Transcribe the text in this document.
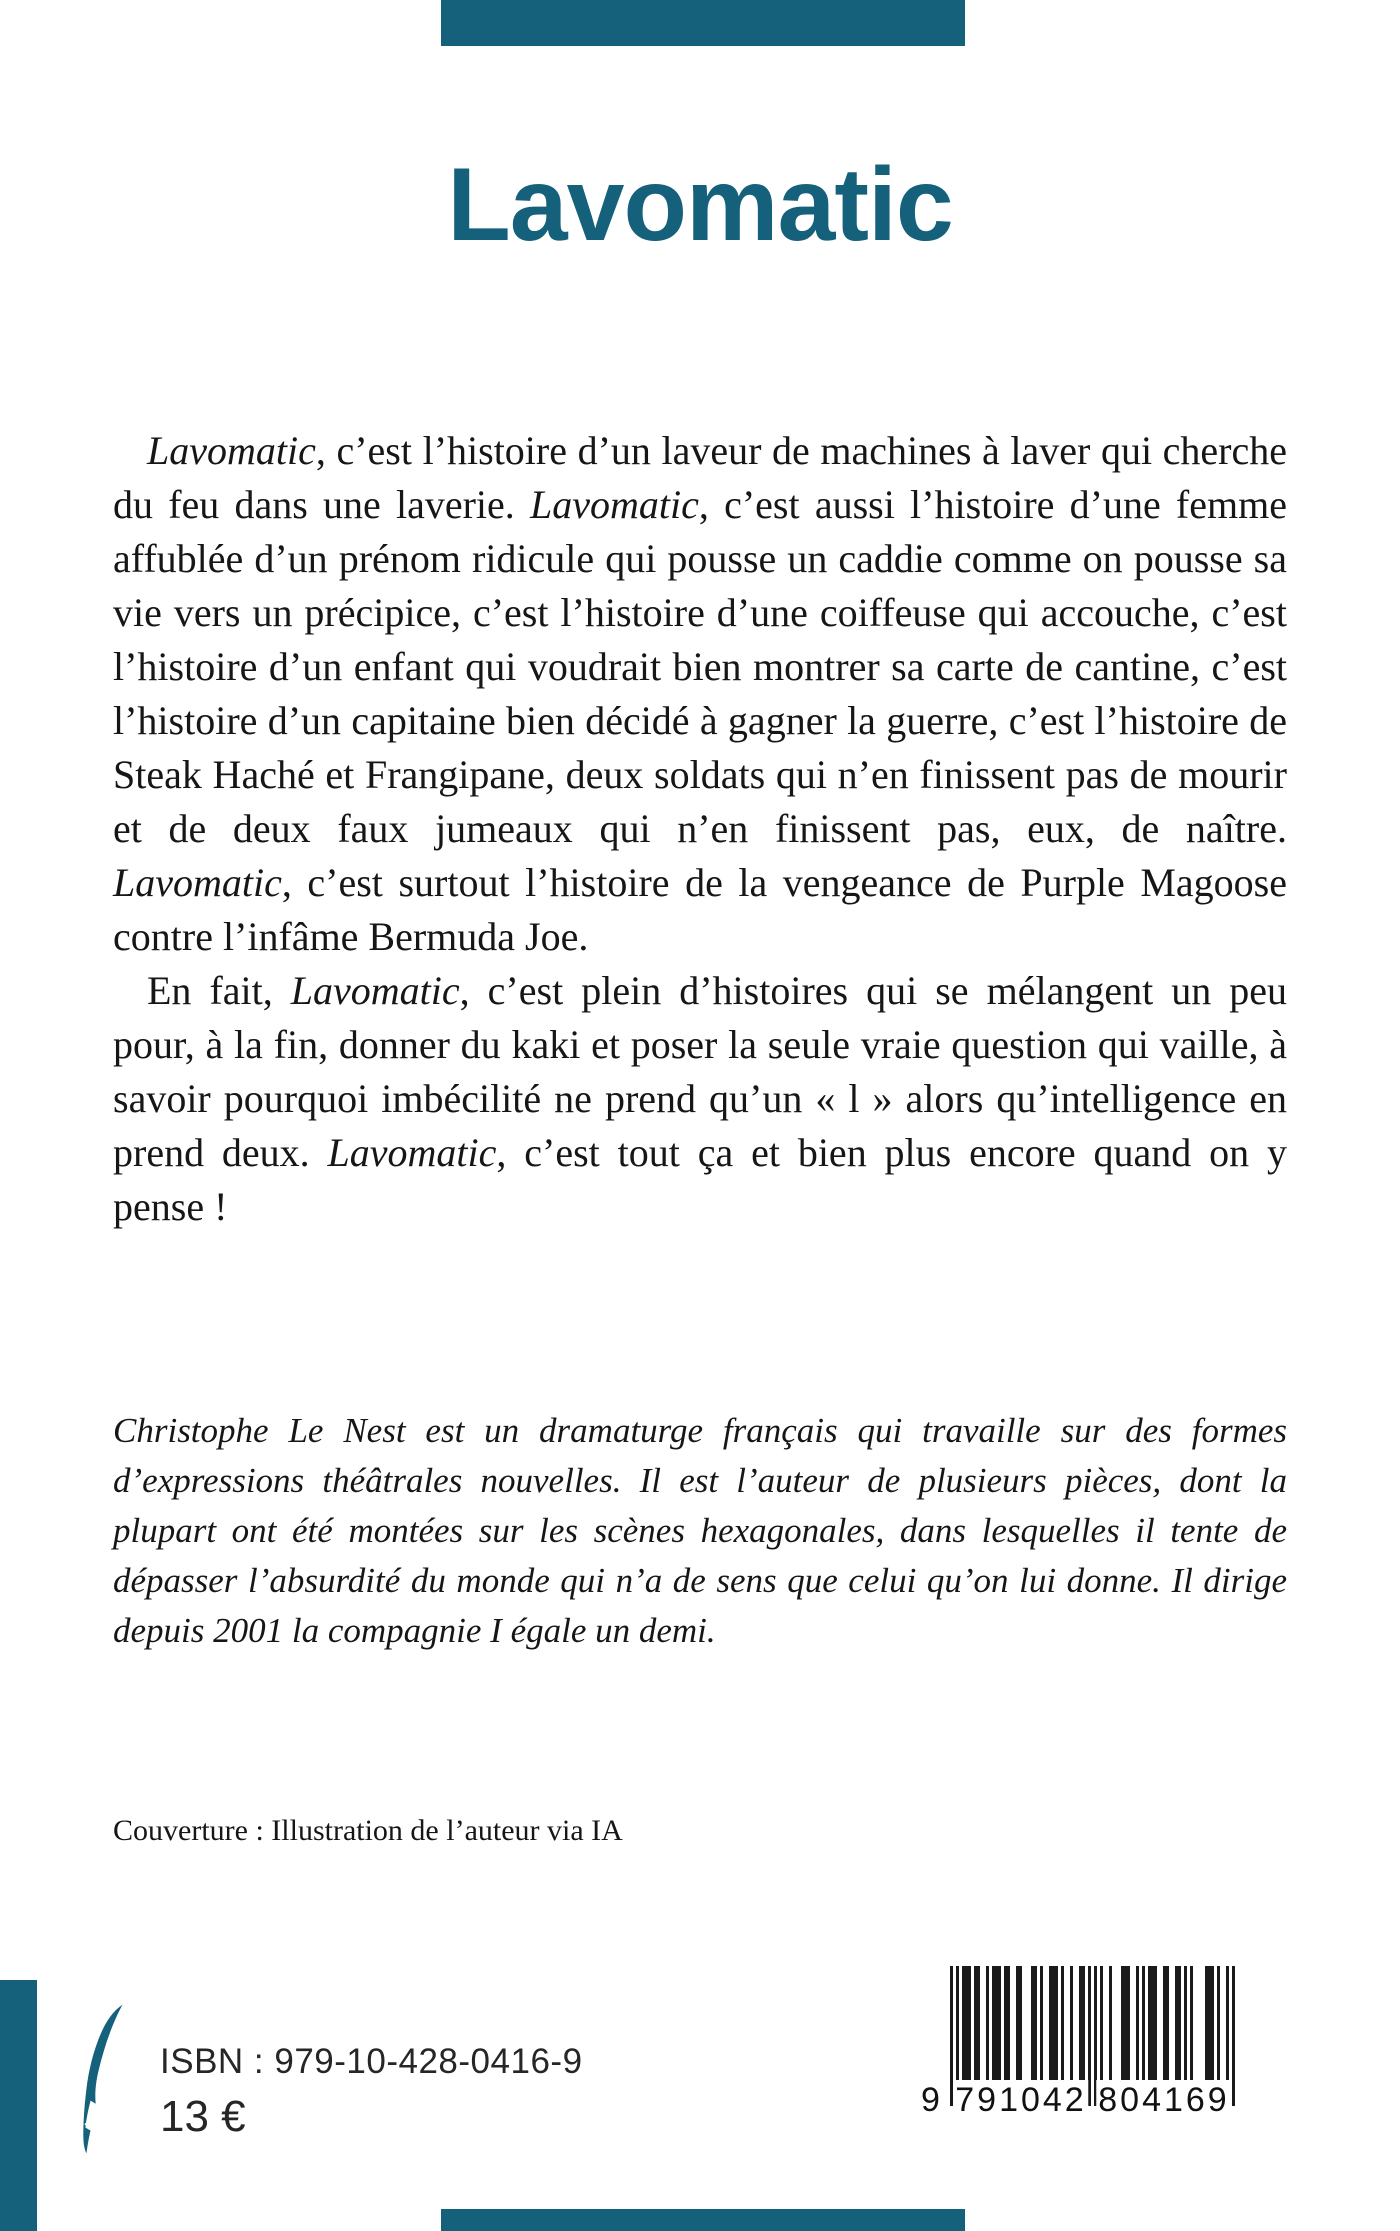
Lavomatic

Lavomatic, c’est l’histoire d’un laveur de machines à laver qui cherche du feu dans une laverie. Lavomatic, c’est aussi l’histoire d’une femme affublée d’un prénom ridicule qui pousse un caddie comme on pousse sa vie vers un précipice, c’est l’histoire d’une coiffeuse qui accouche, c’est l’histoire d’un enfant qui voudrait bien montrer sa carte de cantine, c’est l’histoire d’un capitaine bien décidé à gagner la guerre, c’est l’histoire de Steak Haché et Frangipane, deux soldats qui n’en finissent pas de mourir et de deux faux jumeaux qui n’en finissent pas, eux, de naître. Lavomatic, c’est surtout l’histoire de la vengeance de Purple Magoose contre l’infâme Bermuda Joe.

En fait, Lavomatic, c’est plein d’histoires qui se mélangent un peu pour, à la fin, donner du kaki et poser la seule vraie question qui vaille, à savoir pourquoi imbécilité ne prend qu’un « l » alors qu’intelligence en prend deux. Lavomatic, c’est tout ça et bien plus encore quand on y pense !

Christophe Le Nest est un dramaturge français qui travaille sur des formes d’expressions théâtrales nouvelles. Il est l’auteur de plusieurs pièces, dont la plupart ont été montées sur les scènes hexagonales, dans lesquelles il tente de dépasser l’absurdité du monde qui n’a de sens que celui qu’on lui donne. Il dirige depuis 2001 la compagnie I égale un demi.
Couverture : Illustration de l’auteur via IA
ISBN : 979-10-428-0416-9
13 €	9 791042 804169
